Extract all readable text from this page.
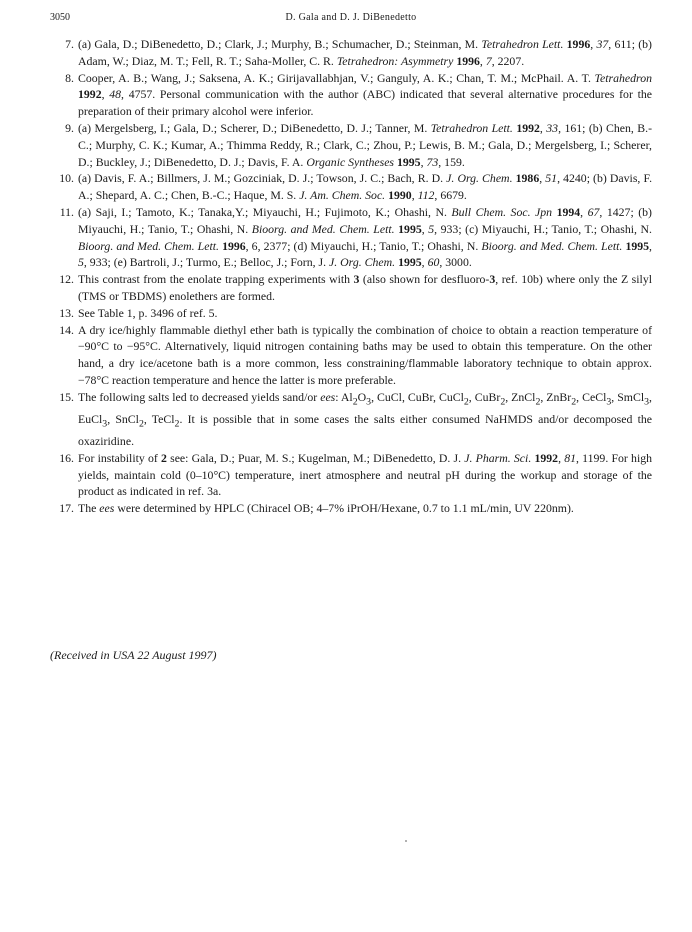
3050	D. Gala and D. J. DiBenedetto
7. (a) Gala, D.; DiBenedetto, D.; Clark, J.; Murphy, B.; Schumacher, D.; Steinman, M. Tetrahedron Lett. 1996, 37, 611; (b) Adam, W.; Diaz, M. T.; Fell, R. T.; Saha-Moller, C. R. Tetrahedron: Asymmetry 1996, 7, 2207.
8. Cooper, A. B.; Wang, J.; Saksena, A. K.; Girijavallabhjan, V.; Ganguly, A. K.; Chan, T. M.; McPhail. A. T. Tetrahedron 1992, 48, 4757. Personal communication with the author (ABC) indicated that several alternative procedures for the preparation of their primary alcohol were inferior.
9. (a) Mergelsberg, I.; Gala, D.; Scherer, D.; DiBenedetto, D. J.; Tanner, M. Tetrahedron Lett. 1992, 33, 161; (b) Chen, B.-C.; Murphy, C. K.; Kumar, A.; Thimma Reddy, R.; Clark, C.; Zhou, P.; Lewis, B. M.; Gala, D.; Mergelsberg, I.; Scherer, D.; Buckley, J.; DiBenedetto, D. J.; Davis, F. A. Organic Syntheses 1995, 73, 159.
10. (a) Davis, F. A.; Billmers, J. M.; Gozciniak, D. J.; Towson, J. C.; Bach, R. D. J. Org. Chem. 1986, 51, 4240; (b) Davis, F. A.; Shepard, A. C.; Chen, B.-C.; Haque, M. S. J. Am. Chem. Soc. 1990, 112, 6679.
11. (a) Saji, I.; Tamoto, K.; Tanaka,Y.; Miyauchi, H.; Fujimoto, K.; Ohashi, N. Bull Chem. Soc. Jpn 1994, 67, 1427; (b) Miyauchi, H.; Tanio, T.; Ohashi, N. Bioorg. and Med. Chem. Lett. 1995, 5, 933; (c) Miyauchi, H.; Tanio, T.; Ohashi, N. Bioorg. and Med. Chem. Lett. 1996, 6, 2377; (d) Miyauchi, H.; Tanio, T.; Ohashi, N. Bioorg. and Med. Chem. Lett. 1995, 5, 933; (e) Bartroli, J.; Turmo, E.; Belloc, J.; Forn, J. J. Org. Chem. 1995, 60, 3000.
12. This contrast from the enolate trapping experiments with 3 (also shown for desfluoro-3, ref. 10b) where only the Z silyl (TMS or TBDMS) enolethers are formed.
13. See Table 1, p. 3496 of ref. 5.
14. A dry ice/highly flammable diethyl ether bath is typically the combination of choice to obtain a reaction temperature of −90°C to −95°C. Alternatively, liquid nitrogen containing baths may be used to obtain this temperature. On the other hand, a dry ice/acetone bath is a more common, less constraining/flammable laboratory technique to obtain approx. −78°C reaction temperature and hence the latter is more preferable.
15. The following salts led to decreased yields sand/or ees: $Al_2O_3$, CuCl, CuBr, CuCl$_2$, CuBr$_2$, ZnCl$_2$, ZnBr$_2$, CeCl$_3$, SmCl$_3$, EuCl$_3$, SnCl$_2$, TeCl$_2$. It is possible that in some cases the salts either consumed NaHMDS and/or decomposed the oxaziridine.
16. For instability of 2 see: Gala, D.; Puar, M. S.; Kugelman, M.; DiBenedetto, D. J. J. Pharm. Sci. 1992, 81, 1199. For high yields, maintain cold (0–10°C) temperature, inert atmosphere and neutral pH during the workup and storage of the product as indicated in ref. 3a.
17. The ees were determined by HPLC (Chiracel OB; 4–7% iPrOH/Hexane, 0.7 to 1.1 mL/min, UV 220nm).
(Received in USA 22 August 1997)
